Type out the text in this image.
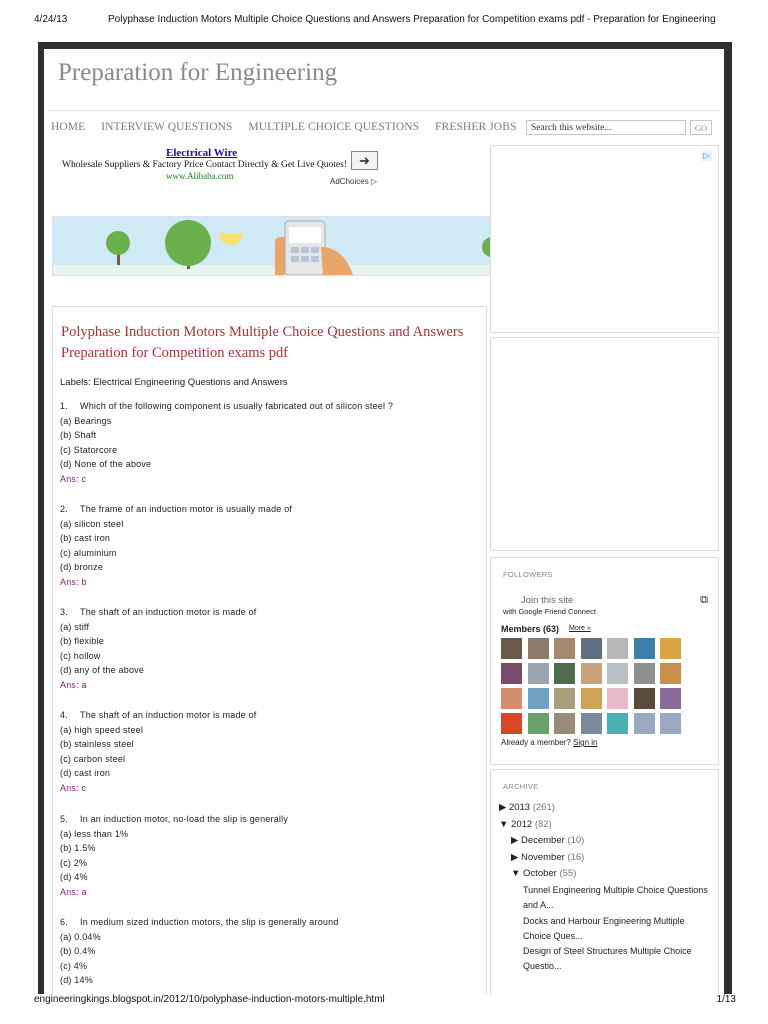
4/24/13	Polyphase Induction Motors Multiple Choice Questions and Answers Preparation for Competition exams pdf - Preparation for Engineering
Preparation for Engineering
HOME INTERVIEW QUESTIONS MULTIPLE CHOICE QUESTIONS FRESHER JOBS	Search this website...	GO
Electrical Wire
Wholesale Suppliers & Factory Price Contact Directly & Get Live Quotes!
www.Alibaba.com
➜
AdChoices ▷
▷
FOLLOWERS
Join this site
with Google Friend Connect
⧉
Members (63) More »
Already a member? Sign in
ARCHIVE
▶ 2013 (261)
▼ 2012 (82)
▶ December (10)
▶ November (16)
▼ October (55)
Tunnel Engineering Multiple Choice Questions and A...
Docks and Harbour Engineering Multiple Choice Ques...
Design of Steel Structures Multiple Choice Questio...
Polyphase Induction Motors Multiple Choice Questions and Answers Preparation for Competition exams pdf
Labels: Electrical Engineering Questions and Answers
1. Which of the following component is usually fabricated out of silicon steel ?
(a) Bearings
(b) Shaft
(c) Statorcore
(d) None of the above
Ans: c
2. The frame of an induction motor is usually made of
(a) silicon steel
(b) cast iron
(c) aluminium
(d) bronze
Ans: b
3. The shaft of an induction motor is made of
(a) stiff
(b) flexible
(c) hollow
(d) any of the above
Ans: a
4. The shaft of an induction motor is made of
(a) high speed steel
(b) stainless steel
(c) carbon steel
(d) cast iron
Ans: c
5. In an induction motor, no-load the slip is generally
(a) less than 1%
(b) 1.5%
(c) 2%
(d) 4%
Ans: a
6. In medium sized induction motors, the slip is generally around
(a) 0.04%
(b) 0.4%
(c) 4%
(d) 14%
engineeringkings.blogspot.in/2012/10/polyphase-induction-motors-multiple.html	1/13
